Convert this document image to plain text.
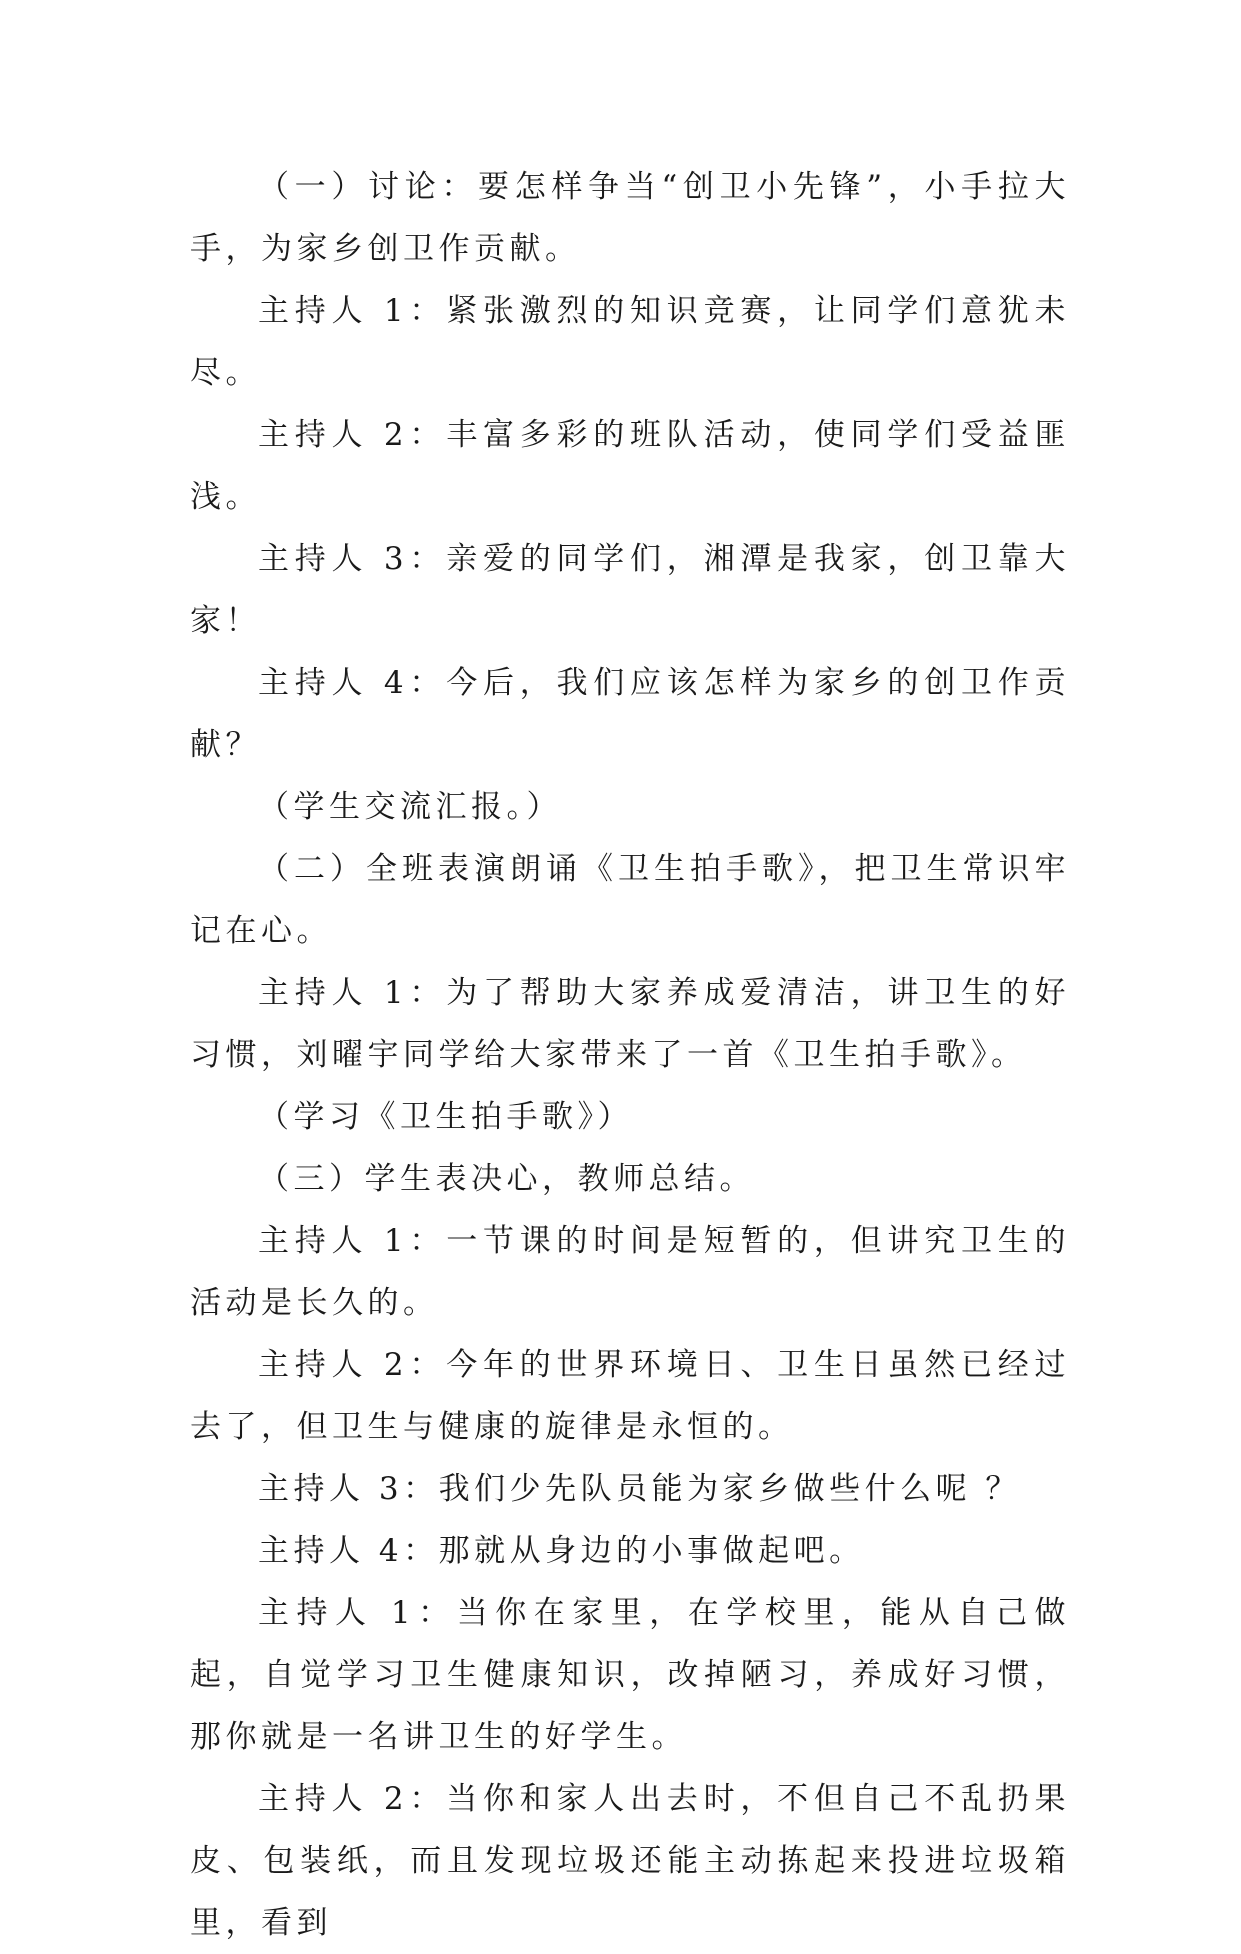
（一）讨论：要怎样争当“创卫小先锋”，小手拉大手，为家乡创卫作贡献。

主持人 1：紧张激烈的知识竞赛，让同学们意犹未尽。

主持人 2：丰富多彩的班队活动，使同学们受益匪浅。

主持人 3：亲爱的同学们，湘潭是我家，创卫靠大家！

主持人 4：今后，我们应该怎样为家乡的创卫作贡献？

（学生交流汇报。）

（二）全班表演朗诵《卫生拍手歌》，把卫生常识牢记在心。

主持人 1：为了帮助大家养成爱清洁，讲卫生的好习惯，刘曜宇同学给大家带来了一首《卫生拍手歌》。

（学习《卫生拍手歌》）

（三）学生表决心，教师总结。

主持人 1：一节课的时间是短暂的，但讲究卫生的活动是长久的。

主持人 2：今年的世界环境日、卫生日虽然已经过去了，但卫生与健康的旋律是永恒的。

主持人 3：我们少先队员能为家乡做些什么呢 ？

主持人 4：那就从身边的小事做起吧。

主持人 1：当你在家里，在学校里，能从自己做起，自觉学习卫生健康知识，改掉陋习，养成好习惯，那你就是一名讲卫生的好学生。

主持人 2：当你和家人出去时，不但自己不乱扔果皮、包装纸，而且发现垃圾还能主动拣起来投进垃圾箱里，看到
